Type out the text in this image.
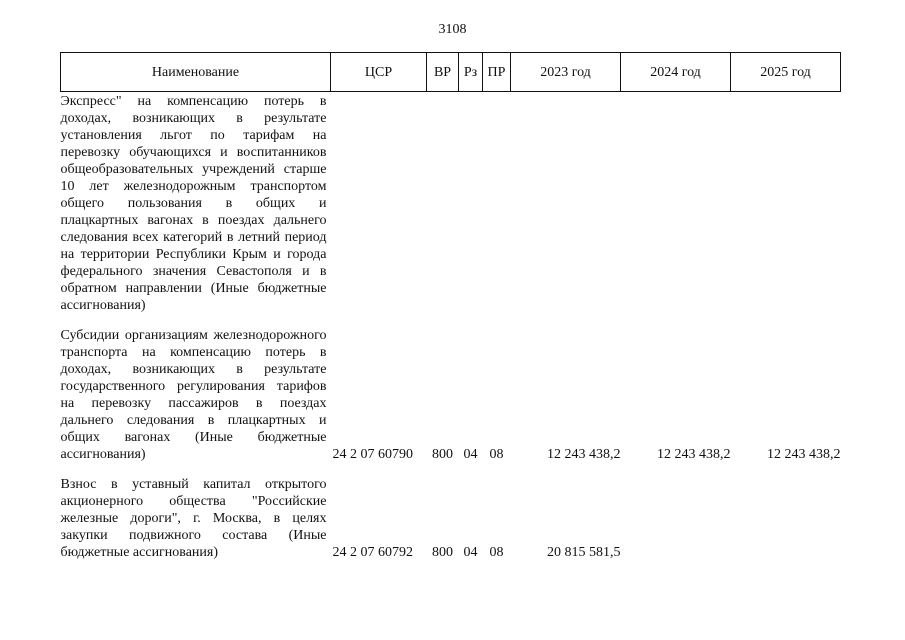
3108
Наименование	ЦСР	ВР	Рз	ПР	2023 год	2024 год	2025 год
Экспресс" на компенсацию потерь в доходах, возникающих в результате установления льгот по тарифам на перевозку обучающихся и воспитанников общеобразовательных учреждений старше 10 лет железнодорожным транспортом общего пользования в общих и плацкартных вагонах в поездах дальнего следования всех категорий в летний период на территории Республики Крым и города федерального значения Севастополя и в обратном направлении (Иные бюджетные ассигнования)							
Субсидии организациям железнодорожного транспорта на компенсацию потерь в доходах, возникающих в результате государственного регулирования тарифов на перевозку пассажиров в поездах дальнего следования в плацкартных и общих вагонах (Иные бюджетные ассигнования)	24 2 07 60790	800	04	08	12 243 438,2	12 243 438,2	12 243 438,2
Взнос в уставный капитал открытого акционерного общества "Российские железные дороги", г. Москва, в целях закупки подвижного состава (Иные бюджетные ассигнования)	24 2 07 60792	800	04	08	20 815 581,5		
